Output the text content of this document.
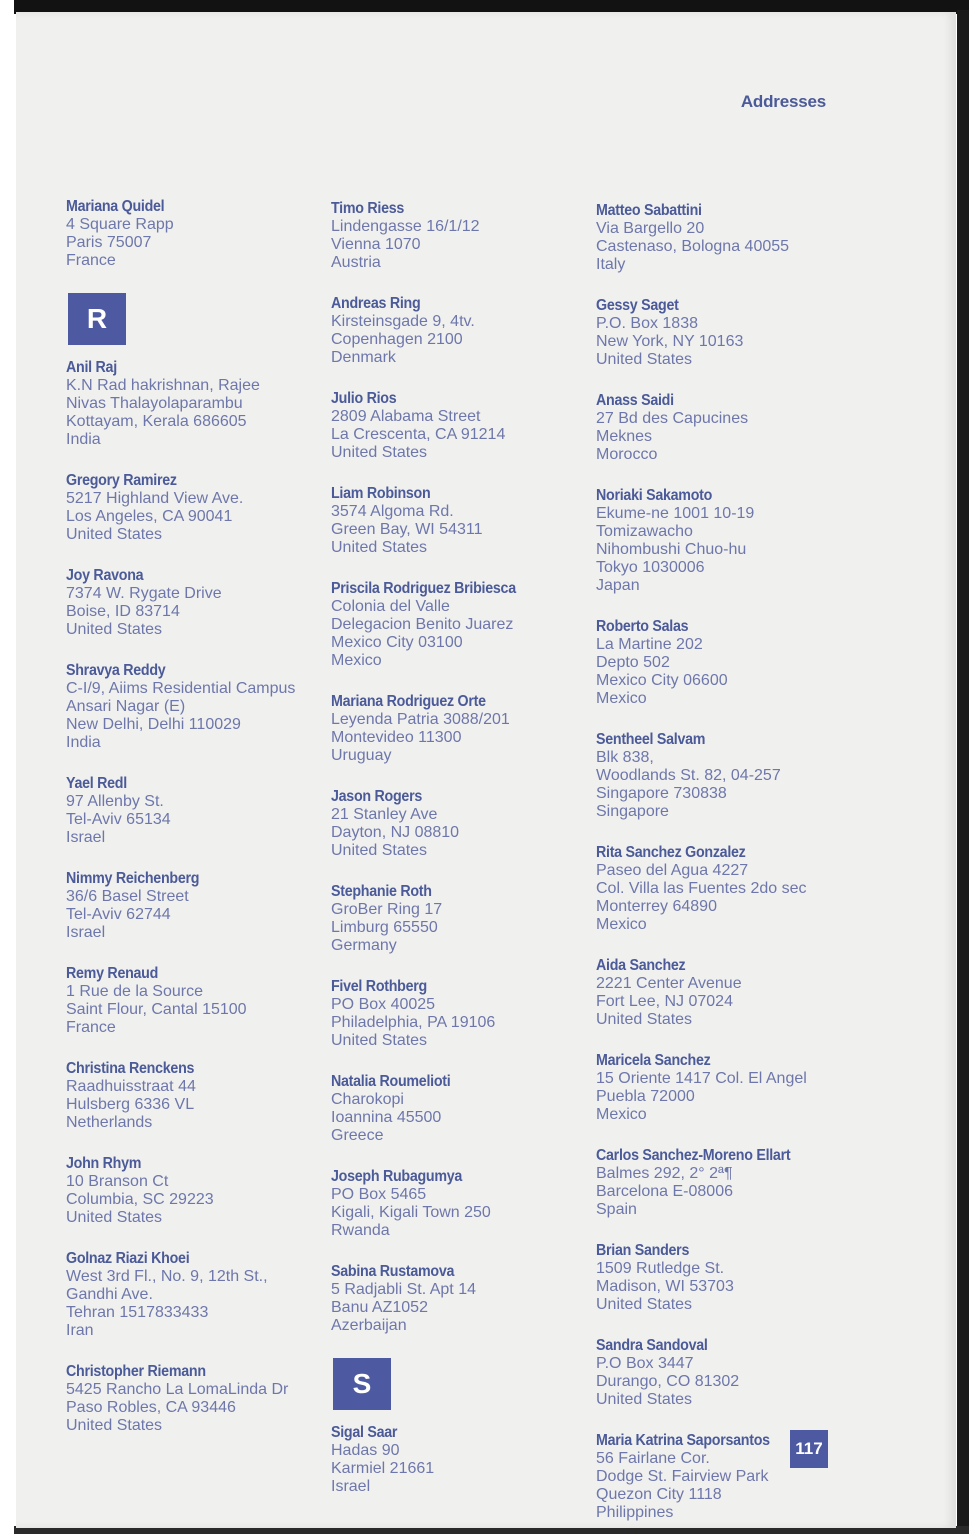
Addresses
Mariana Quidel
4 Square Rapp
Paris 75007
France
R
Anil Raj
K.N Rad hakrishnan, Rajee
Nivas Thalayolaparambu
Kottayam, Kerala 686605
India
Gregory Ramirez
5217 Highland View Ave.
Los Angeles, CA 90041
United States
Joy Ravona
7374 W. Rygate Drive
Boise, ID 83714
United States
Shravya Reddy
C-I/9, Aiims Residential Campus
Ansari Nagar (E)
New Delhi, Delhi 110029
India
Yael Redl
97 Allenby St.
Tel-Aviv 65134
Israel
Nimmy Reichenberg
36/6 Basel Street
Tel-Aviv 62744
Israel
Remy Renaud
1 Rue de la Source
Saint Flour, Cantal 15100
France
Christina Renckens
Raadhuisstraat 44
Hulsberg 6336 VL
Netherlands
John Rhym
10 Branson Ct
Columbia, SC 29223
United States
Golnaz Riazi Khoei
West 3rd Fl., No. 9, 12th St.,
Gandhi Ave.
Tehran 1517833433
Iran
Christopher Riemann
5425 Rancho La LomaLinda Dr
Paso Robles, CA 93446
United States
Timo Riess
Lindengasse 16/1/12
Vienna 1070
Austria
Andreas Ring
Kirsteinsgade 9, 4tv.
Copenhagen 2100
Denmark
Julio Rios
2809 Alabama Street
La Crescenta, CA 91214
United States
Liam Robinson
3574 Algoma Rd.
Green Bay, WI 54311
United States
Priscila Rodriguez Bribiesca
Colonia del Valle
Delegacion Benito Juarez
Mexico City 03100
Mexico
Mariana Rodriguez Orte
Leyenda Patria 3088/201
Montevideo 11300
Uruguay
Jason Rogers
21 Stanley Ave
Dayton, NJ 08810
United States
Stephanie Roth
GroBer Ring 17
Limburg 65550
Germany
Fivel Rothberg
PO Box 40025
Philadelphia, PA 19106
United States
Natalia Roumelioti
Charokopi
Ioannina 45500
Greece
Joseph Rubagumya
PO Box 5465
Kigali, Kigali Town 250
Rwanda
Sabina Rustamova
5 Radjabli St. Apt 14
Banu AZ1052
Azerbaijan
S
Sigal Saar
Hadas 90
Karmiel 21661
Israel
Matteo Sabattini
Via Bargello 20
Castenaso, Bologna 40055
Italy
Gessy Saget
P.O. Box 1838
New York, NY 10163
United States
Anass Saidi
27 Bd des Capucines
Meknes
Morocco
Noriaki Sakamoto
Ekume-ne 1001 10-19
Tomizawacho
Nihombushi Chuo-hu
Tokyo 1030006
Japan
Roberto Salas
La Martine 202
Depto 502
Mexico City 06600
Mexico
Sentheel Salvam
Blk 838,
Woodlands St. 82, 04-257
Singapore 730838
Singapore
Rita Sanchez Gonzalez
Paseo del Agua 4227
Col. Villa las Fuentes 2do sec
Monterrey 64890
Mexico
Aida Sanchez
2221 Center Avenue
Fort Lee, NJ 07024
United States
Maricela Sanchez
15 Oriente 1417 Col. El Angel
Puebla 72000
Mexico
Carlos Sanchez-Moreno Ellart
Balmes 292, 2° 2ª¶
Barcelona E-08006
Spain
Brian Sanders
1509 Rutledge St.
Madison, WI 53703
United States
Sandra Sandoval
P.O Box 3447
Durango, CO 81302
United States
Maria Katrina Saporsantos
56 Fairlane Cor.
Dodge St. Fairview Park
Quezon City 1118
Philippines
117
